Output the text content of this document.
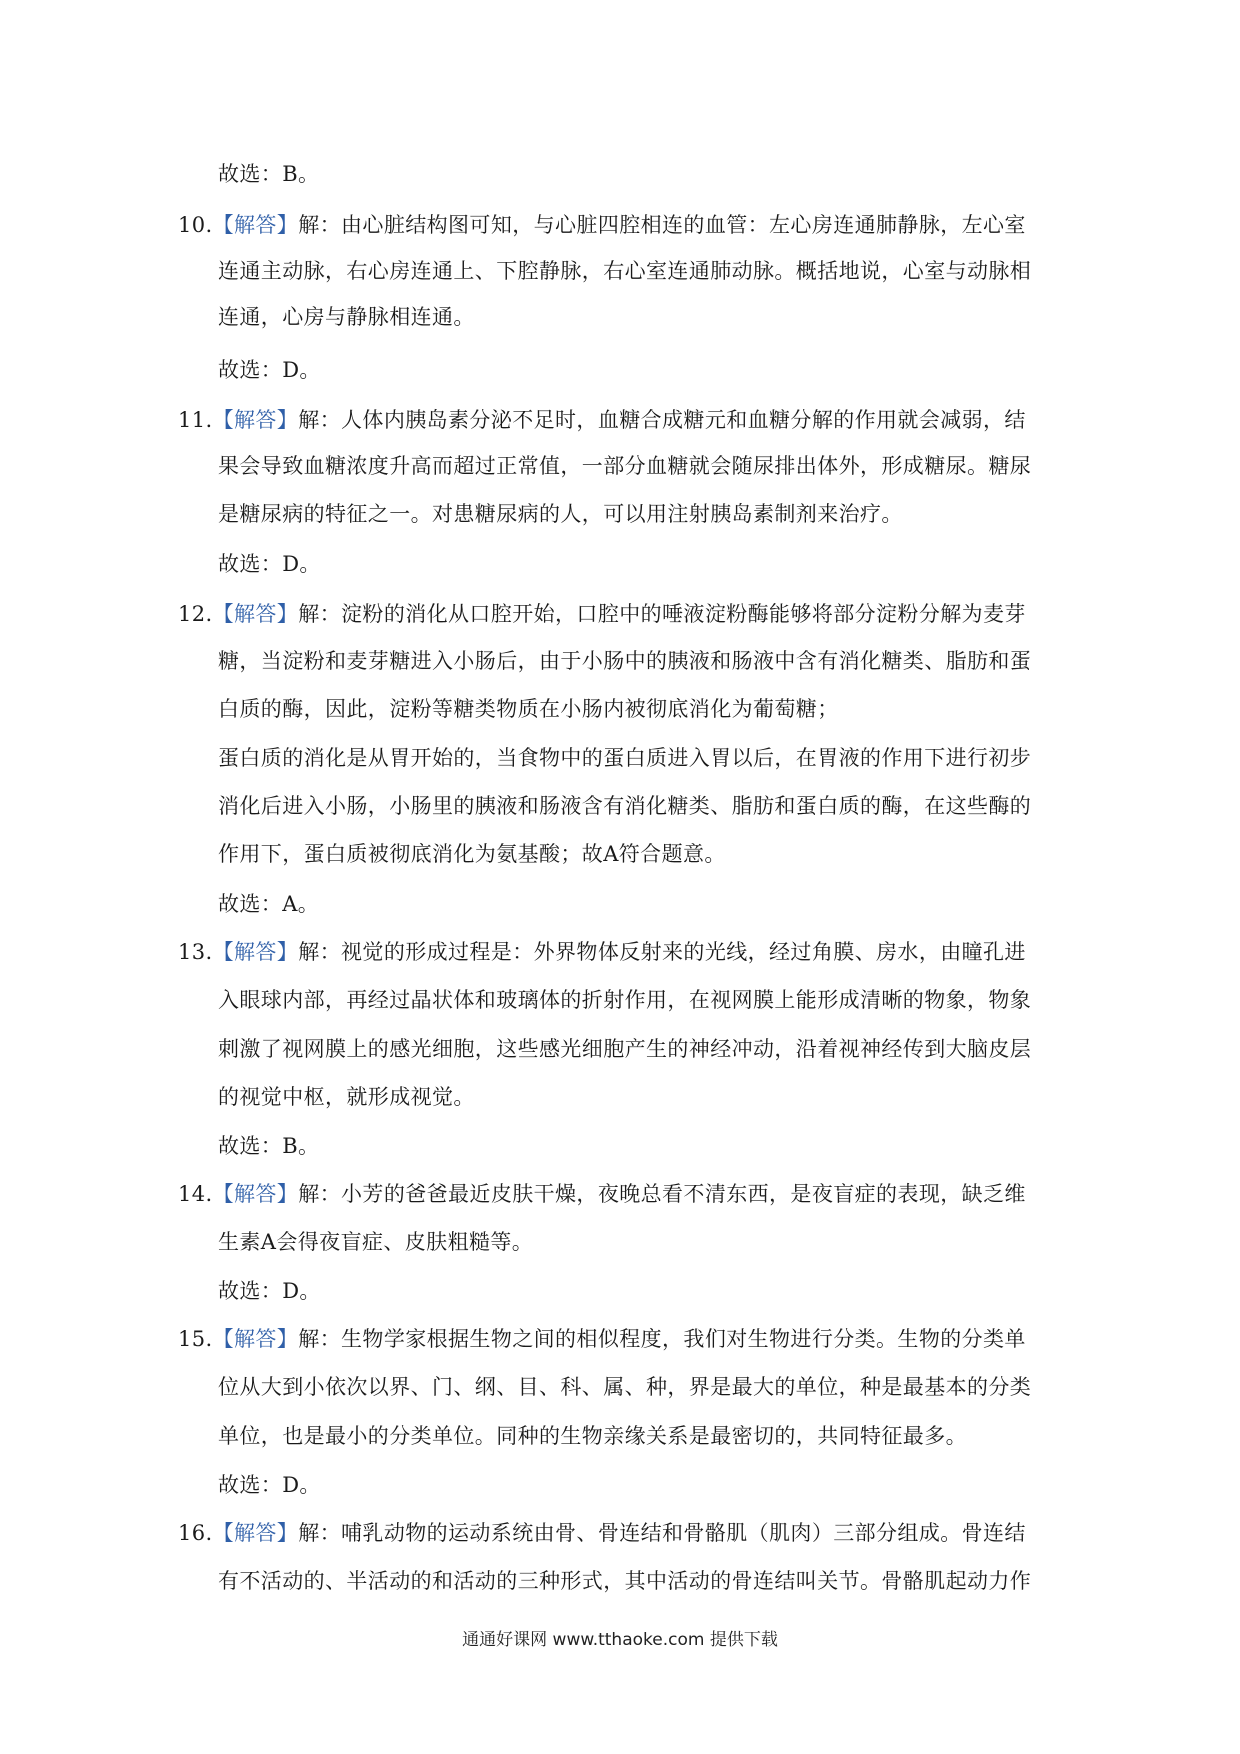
故选：B。
10.【解答】解：由心脏结构图可知，与心脏四腔相连的血管：左心房连通肺静脉，左心室
连通主动脉，右心房连通上、下腔静脉，右心室连通肺动脉。概括地说，心室与动脉相
连通，心房与静脉相连通。
故选：D。
11.【解答】解：人体内胰岛素分泌不足时，血糖合成糖元和血糖分解的作用就会减弱，结
果会导致血糖浓度升高而超过正常值，一部分血糖就会随尿排出体外，形成糖尿。糖尿
是糖尿病的特征之一。对患糖尿病的人，可以用注射胰岛素制剂来治疗。
故选：D。
12.【解答】解：淀粉的消化从口腔开始，口腔中的唾液淀粉酶能够将部分淀粉分解为麦芽
糖，当淀粉和麦芽糖进入小肠后，由于小肠中的胰液和肠液中含有消化糖类、脂肪和蛋
白质的酶，因此，淀粉等糖类物质在小肠内被彻底消化为葡萄糖；
蛋白质的消化是从胃开始的，当食物中的蛋白质进入胃以后，在胃液的作用下进行初步
消化后进入小肠，小肠里的胰液和肠液含有消化糖类、脂肪和蛋白质的酶，在这些酶的
作用下，蛋白质被彻底消化为氨基酸；故A符合题意。
故选：A。
13.【解答】解：视觉的形成过程是：外界物体反射来的光线，经过角膜、房水，由瞳孔进
入眼球内部，再经过晶状体和玻璃体的折射作用，在视网膜上能形成清晰的物象，物象
刺激了视网膜上的感光细胞，这些感光细胞产生的神经冲动，沿着视神经传到大脑皮层
的视觉中枢，就形成视觉。
故选：B。
14.【解答】解：小芳的爸爸最近皮肤干燥，夜晚总看不清东西，是夜盲症的表现，缺乏维
生素A会得夜盲症、皮肤粗糙等。
故选：D。
15.【解答】解：生物学家根据生物之间的相似程度，我们对生物进行分类。生物的分类单
位从大到小依次以界、门、纲、目、科、属、种，界是最大的单位，种是最基本的分类
单位，也是最小的分类单位。同种的生物亲缘关系是最密切的，共同特征最多。
故选：D。
16.【解答】解：哺乳动物的运动系统由骨、骨连结和骨骼肌（肌肉）三部分组成。骨连结
有不活动的、半活动的和活动的三种形式，其中活动的骨连结叫关节。骨骼肌起动力作
通通好课网 www.tthaoke.com 提供下载
